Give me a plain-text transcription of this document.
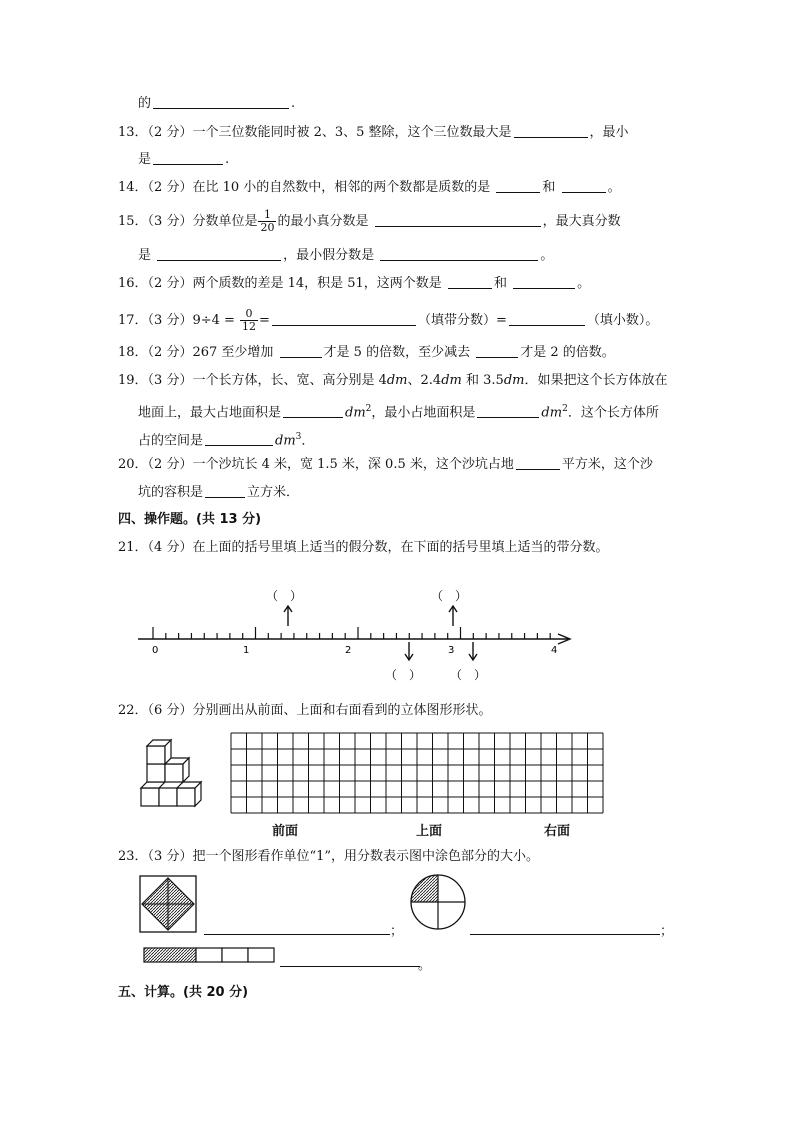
的	.
13．（2 分）一个三位数能同时被 2、3、5 整除，这个三位数最大是	，最小
是	.
14．（2 分）在比 10 小的自然数中，相邻的两个数都是质数的是	和	。
15．（3 分）分数单位是 $\frac{1}{20}$ 的最小真分数是	，最大真分数
是	，最小假分数是	。
16．（2 分）两个质数的差是 14，积是 51，这两个数是	和	。
17．（3 分）$9\div 4 = \frac{0}{12}$ =	（填带分数）=	（填小数）。
18．（2 分）267 至少增加	才是 5 的倍数，至少减去	才是 2 的倍数。
19．（3 分）一个长方体，长、宽、高分别是 4dm、2.4dm 和 3.5dm．如果把这个长方体放在
地面上，最大占地面积是	$dm^2$，最小占地面积是	$dm^2$．这个长方体所
占的空间是	$dm^3$．
20．（2 分）一个沙坑长 4 米，宽 1.5 米，深 0.5 米，这个沙坑占地	平方米，这个沙
坑的容积是	立方米．
四、操作题。(共 13 分)
21．（4 分）在上面的括号里填上适当的假分数，在下面的括号里填上适当的带分数。
0	1	2	3	4
（　）	（　）
（　） （　）
22．（6 分）分别画出从前面、上面和右面看到的立体图形形状。
前面	上面	右面
23．（3 分）把一个图形看作单位“1”，用分数表示图中涂色部分的大小。
；	；
。
五、计算。(共 20 分)
